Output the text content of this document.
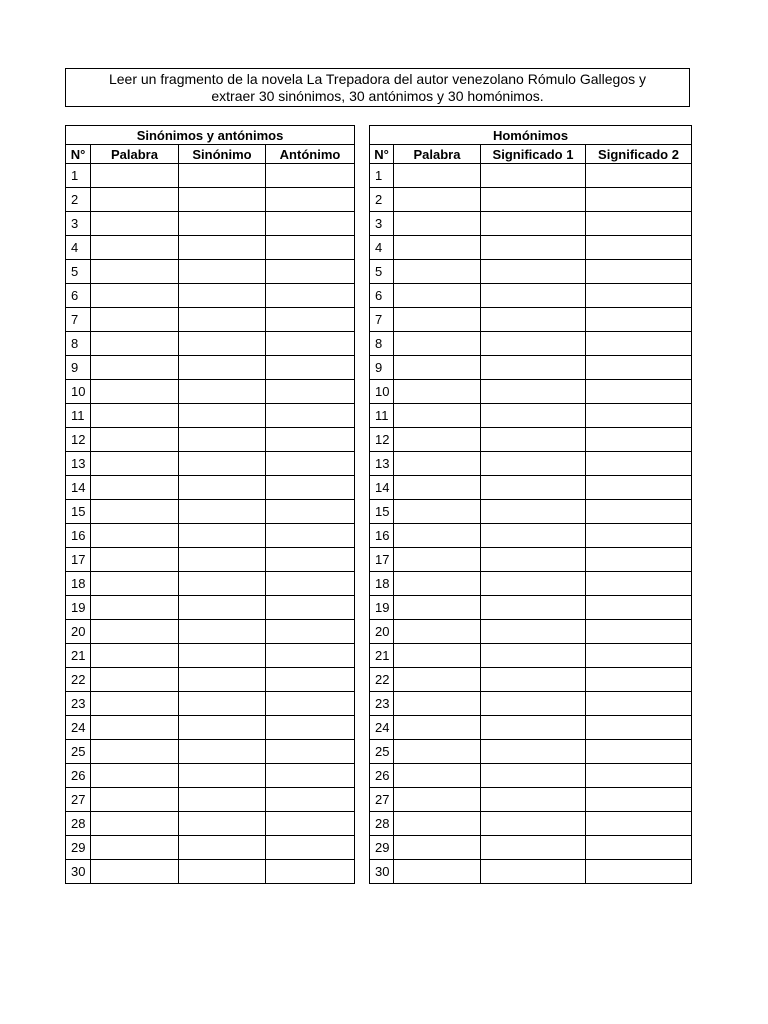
Leer un fragmento de la novela La Trepadora del autor venezolano Rómulo Gallegos y
extraer 30 sinónimos, 30 antónimos y 30 homónimos.
Sinónimos y antónimos			
N°	Palabra	Sinónimo	Antónimo
1			
2			
3			
4			
5			
6			
7			
8			
9			
10			
11			
12			
13			
14			
15			
16			
17			
18			
19			
20			
21			
22			
23			
24			
25			
26			
27			
28			
29			
30			
Homónimos			
N°	Palabra	Significado 1	Significado 2
1			
2			
3			
4			
5			
6			
7			
8			
9			
10			
11			
12			
13			
14			
15			
16			
17			
18			
19			
20			
21			
22			
23			
24			
25			
26			
27			
28			
29			
30			
